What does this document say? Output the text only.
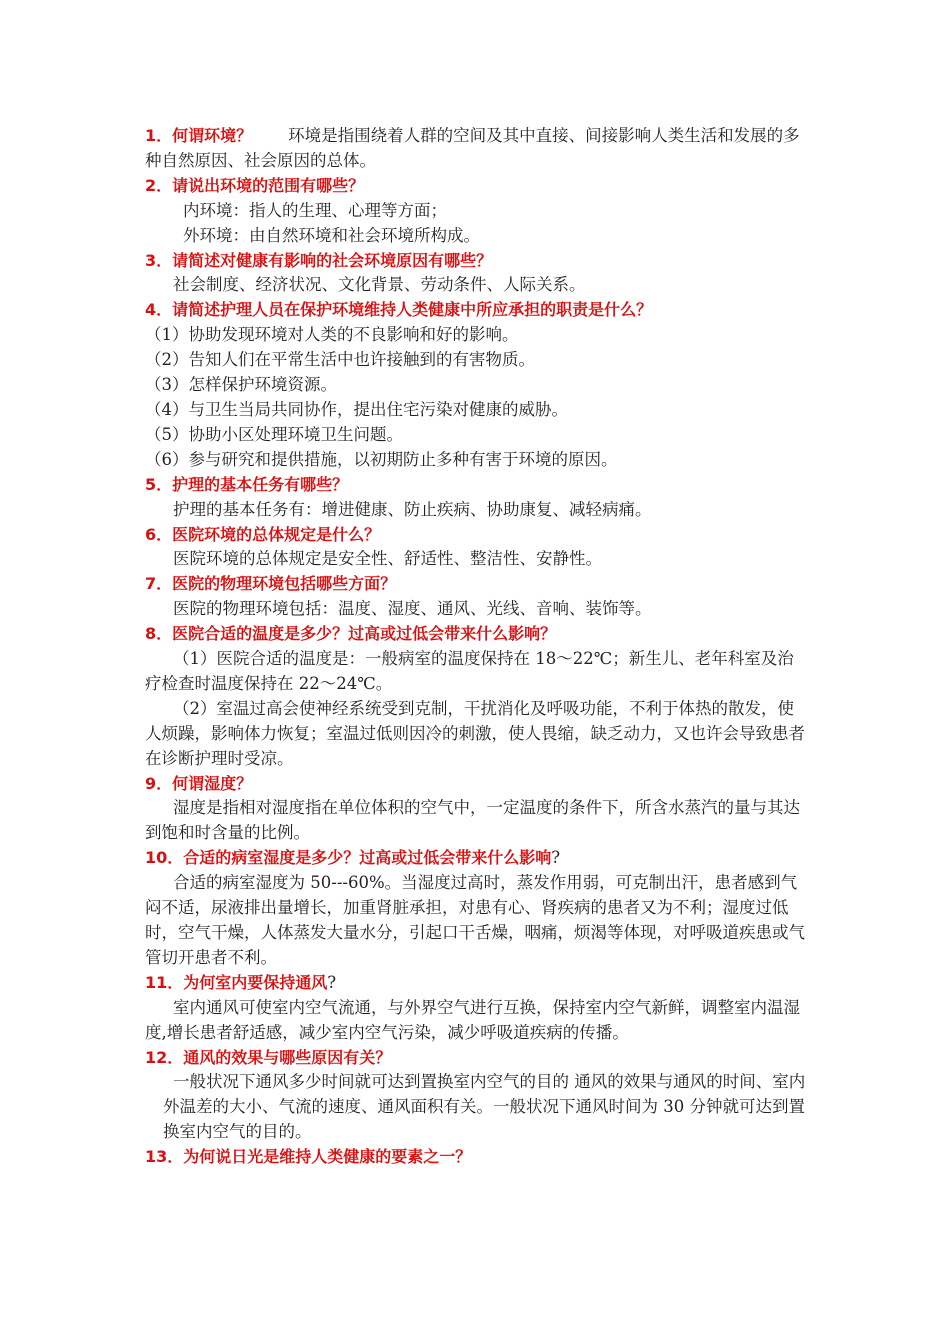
1．何谓环境？ 环境是指围绕着人群的空间及其中直接、间接影响人类生活和发展的多种自然原因、社会原因的总体。
2．请说出环境的范围有哪些？
内环境：指人的生理、心理等方面；
外环境：由自然环境和社会环境所构成。
3．请简述对健康有影响的社会环境原因有哪些？
社会制度、经济状况、文化背景、劳动条件、人际关系。
4．请简述护理人员在保护环境维持人类健康中所应承担的职责是什么？
（1）协助发现环境对人类的不良影响和好的影响。
（2）告知人们在平常生活中也许接触到的有害物质。
（3）怎样保护环境资源。
（4）与卫生当局共同协作，提出住宅污染对健康的威胁。
（5）协助小区处理环境卫生问题。
（6）参与研究和提供措施，以初期防止多种有害于环境的原因。
5．护理的基本任务有哪些？
护理的基本任务有：增进健康、防止疾病、协助康复、减轻病痛。
6．医院环境的总体规定是什么？
医院环境的总体规定是安全性、舒适性、整洁性、安静性。
7．医院的物理环境包括哪些方面？
医院的物理环境包括：温度、湿度、通风、光线、音响、装饰等。
8．医院合适的温度是多少？过高或过低会带来什么影响？
（1）医院合适的温度是：一般病室的温度保持在 18～22℃；新生儿、老年科室及治疗检查时温度保持在 22～24℃。
（2）室温过高会使神经系统受到克制，干扰消化及呼吸功能，不利于体热的散发，使人烦躁，影响体力恢复；室温过低则因冷的刺激，使人畏缩，缺乏动力，又也许会导致患者在诊断护理时受凉。
9．何谓湿度？
湿度是指相对湿度指在单位体积的空气中，一定温度的条件下，所含水蒸汽的量与其达到饱和时含量的比例。
10．合适的病室湿度是多少？过高或过低会带来什么影响?
合适的病室湿度为 50---60%。当湿度过高时，蒸发作用弱，可克制出汗，患者感到气闷不适，尿液排出量增长，加重肾脏承担，对患有心、肾疾病的患者又为不利；湿度过低时，空气干燥，人体蒸发大量水分，引起口干舌燥，咽痛，烦渴等体现，对呼吸道疾患或气管切开患者不利。
11．为何室内要保持通风?
室内通风可使室内空气流通，与外界空气进行互换，保持室内空气新鲜，调整室内温湿度,增长患者舒适感，减少室内空气污染，减少呼吸道疾病的传播。
12．通风的效果与哪些原因有关？
一般状况下通风多少时间就可达到置换室内空气的目的 通风的效果与通风的时间、室内外温差的大小、气流的速度、通风面积有关。一般状况下通风时间为 30 分钟就可达到置换室内空气的目的。
13．为何说日光是维持人类健康的要素之一？
